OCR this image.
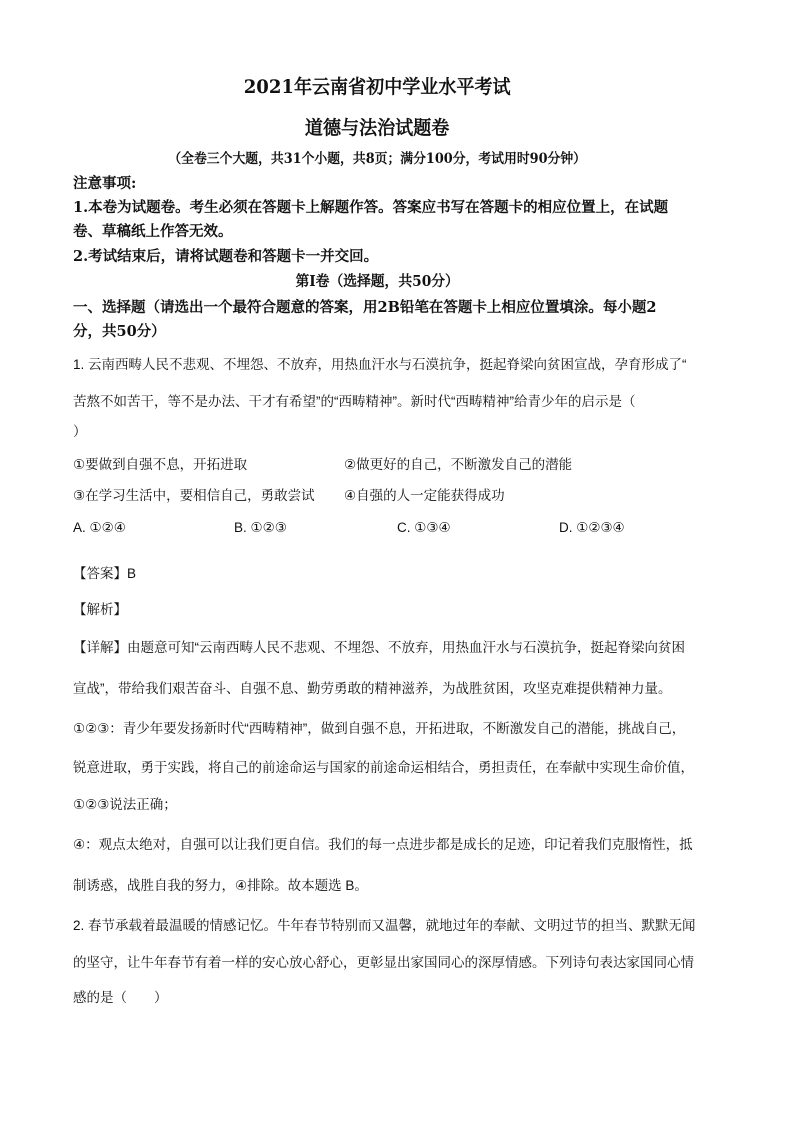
2021年云南省初中学业水平考试
道德与法治试题卷
（全卷三个大题，共31个小题，共8页；满分100分，考试用时90分钟）
注意事项:
1.本卷为试题卷。考生必须在答题卡上解题作答。答案应书写在答题卡的相应位置上，在试题
卷、草稿纸上作答无效。
2.考试结束后，请将试题卷和答题卡一并交回。
第Ⅰ卷（选择题，共50分）
一、选择题（请选出一个最符合题意的答案，用2B铅笔在答题卡上相应位置填涂。每小题2
分，共50分）
1. 云南西畴人民不悲观、不埋怨、不放弃，用热血汗水与石漠抗争，挺起脊梁向贫困宣战，孕育形成了“
苦熬不如苦干，等不是办法、干才有希望”的“西畴精神”。新时代“西畴精神”给青少年的启示是（
）
①要做到自强不息，开拓进取	②做更好的自己，不断激发自己的潜能
③在学习生活中，要相信自己，勇敢尝试 ④自强的人一定能获得成功
A. ①②④	B. ①②③	C. ①③④	D. ①②③④
【答案】B
【解析】
【详解】由题意可知“云南西畴人民不悲观、不埋怨、不放弃，用热血汗水与石漠抗争，挺起脊梁向贫困
宣战”，带给我们艰苦奋斗、自强不息、勤劳勇敢的精神滋养，为战胜贫困，攻坚克难提供精神力量。
①②③：青少年要发扬新时代“西畴精神”，做到自强不息，开拓进取，不断激发自己的潜能，挑战自己，
锐意进取，勇于实践，将自己的前途命运与国家的前途命运相结合，勇担责任，在奉献中实现生命价值，
①②③说法正确；
④：观点太绝对，自强可以让我们更自信。我们的每一点进步都是成长的足迹，印记着我们克服惰性，抵
制诱惑，战胜自我的努力，④排除。故本题选 B。
2. 春节承载着最温暖的情感记忆。牛年春节特别而又温馨，就地过年的奉献、文明过节的担当、默默无闻
的坚守，让牛年春节有着一样的安心放心舒心，更彰显出家国同心的深厚情感。下列诗句表达家国同心情
感的是（　　）
